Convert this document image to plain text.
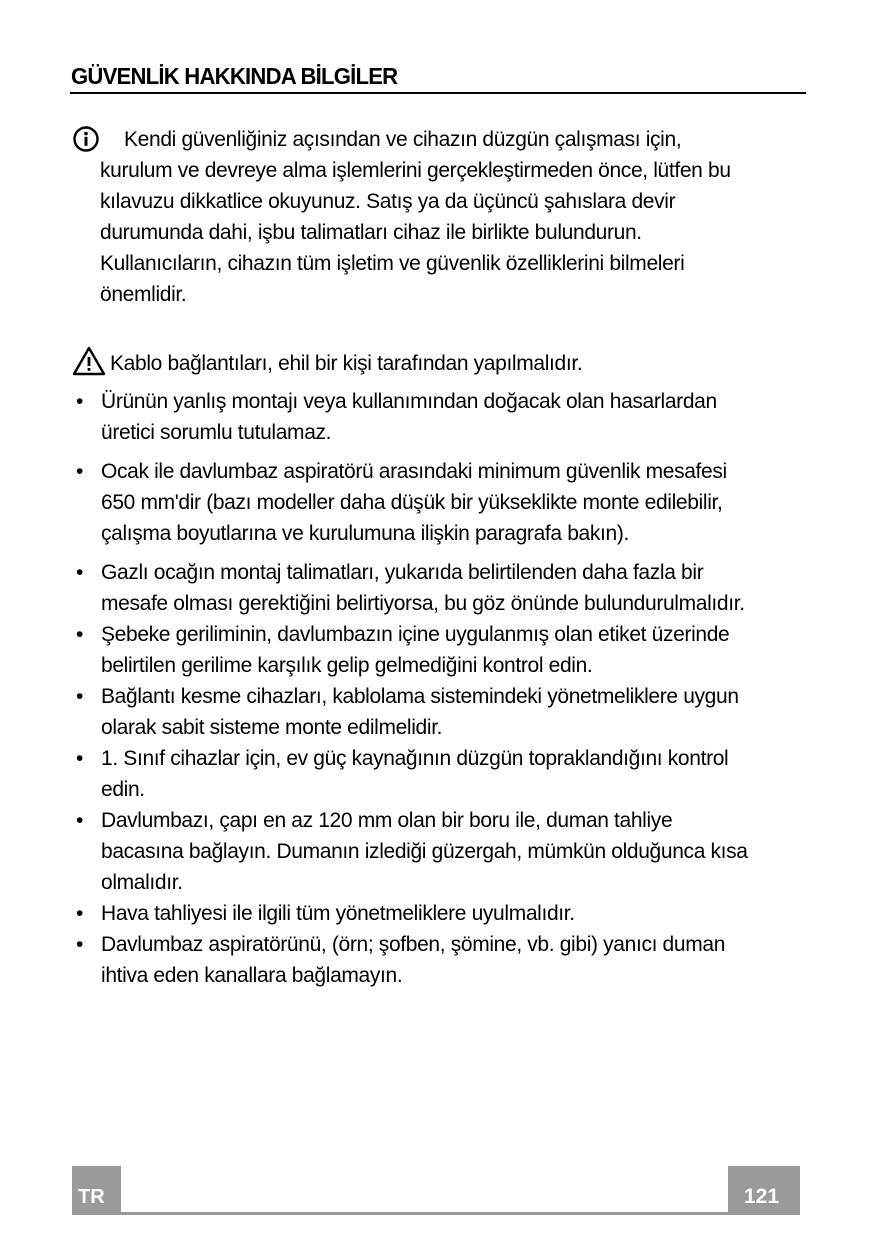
GÜVENLİK HAKKINDA BİLGİLER
Kendi güvenliğiniz açısından ve cihazın düzgün çalışması için,
kurulum ve devreye alma işlemlerini gerçekleştirmeden önce, lütfen bu
kılavuzu dikkatlice okuyunuz. Satış ya da üçüncü şahıslara devir
durumunda dahi, işbu talimatları cihaz ile birlikte bulundurun.
Kullanıcıların, cihazın tüm işletim ve güvenlik özelliklerini bilmeleri
önemlidir.
Kablo bağlantıları, ehil bir kişi tarafından yapılmalıdır.
• Ürünün yanlış montajı veya kullanımından doğacak olan hasarlardan
üretici sorumlu tutulamaz.
• Ocak ile davlumbaz aspiratörü arasındaki minimum güvenlik mesafesi
650 mm'dir (bazı modeller daha düşük bir yükseklikte monte edilebilir,
çalışma boyutlarına ve kurulumuna ilişkin paragrafa bakın).
• Gazlı ocağın montaj talimatları, yukarıda belirtilenden daha fazla bir
mesafe olması gerektiğini belirtiyorsa, bu göz önünde bulundurulmalıdır.
• Şebeke geriliminin, davlumbazın içine uygulanmış olan etiket üzerinde
belirtilen gerilime karşılık gelip gelmediğini kontrol edin.
• Bağlantı kesme cihazları, kablolama sistemindeki yönetmeliklere uygun
olarak sabit sisteme monte edilmelidir.
• 1. Sınıf cihazlar için, ev güç kaynağının düzgün topraklandığını kontrol
edin.
• Davlumbazı, çapı en az 120 mm olan bir boru ile, duman tahliye
bacasına bağlayın. Dumanın izlediği güzergah, mümkün olduğunca kısa
olmalıdır.
• Hava tahliyesi ile ilgili tüm yönetmeliklere uyulmalıdır.
• Davlumbaz aspiratörünü, (örn; şofben, şömine, vb. gibi) yanıcı duman
ihtiva eden kanallara bağlamayın.
TR	121
